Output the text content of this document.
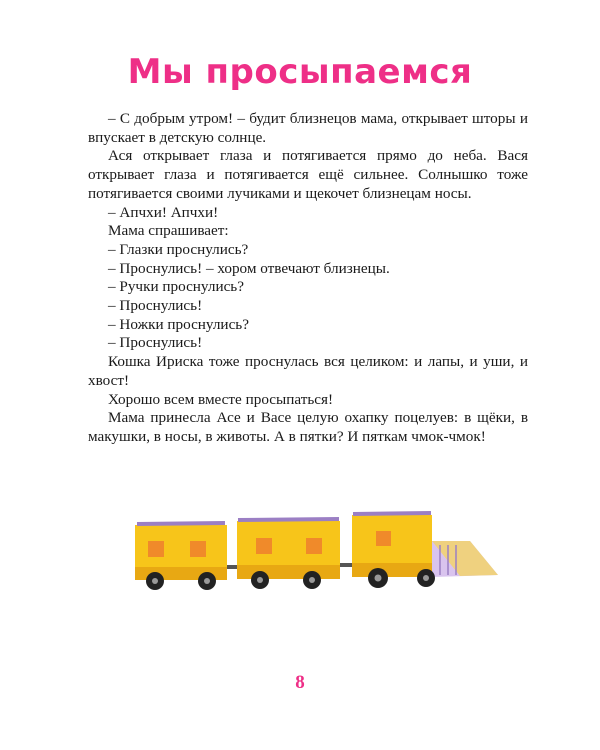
Мы просыпаемся

– С добрым утром! – будит близнецов мама, открывает шторы и впускает в детскую солнце.

Ася открывает глаза и потягивается прямо до неба. Вася открывает глаза и потягивается ещё сильнее. Солнышко тоже потягивается своими лучиками и щекочет близнецам носы.

– Апчхи! Апчхи!

Мама спрашивает:

– Глазки проснулись?

– Проснулись! – хором отвечают близнецы.

– Ручки проснулись?

– Проснулись!

– Ножки проснулись?

– Проснулись!

Кошка Ириска тоже проснулась вся целиком: и лапы, и уши, и хвост!

Хорошо всем вместе просыпаться!

Мама принесла Асе и Васе целую охапку поцелуев: в щёки, в макушки, в носы, в животы. А в пятки? И пяткам чмок-чмок!

8
